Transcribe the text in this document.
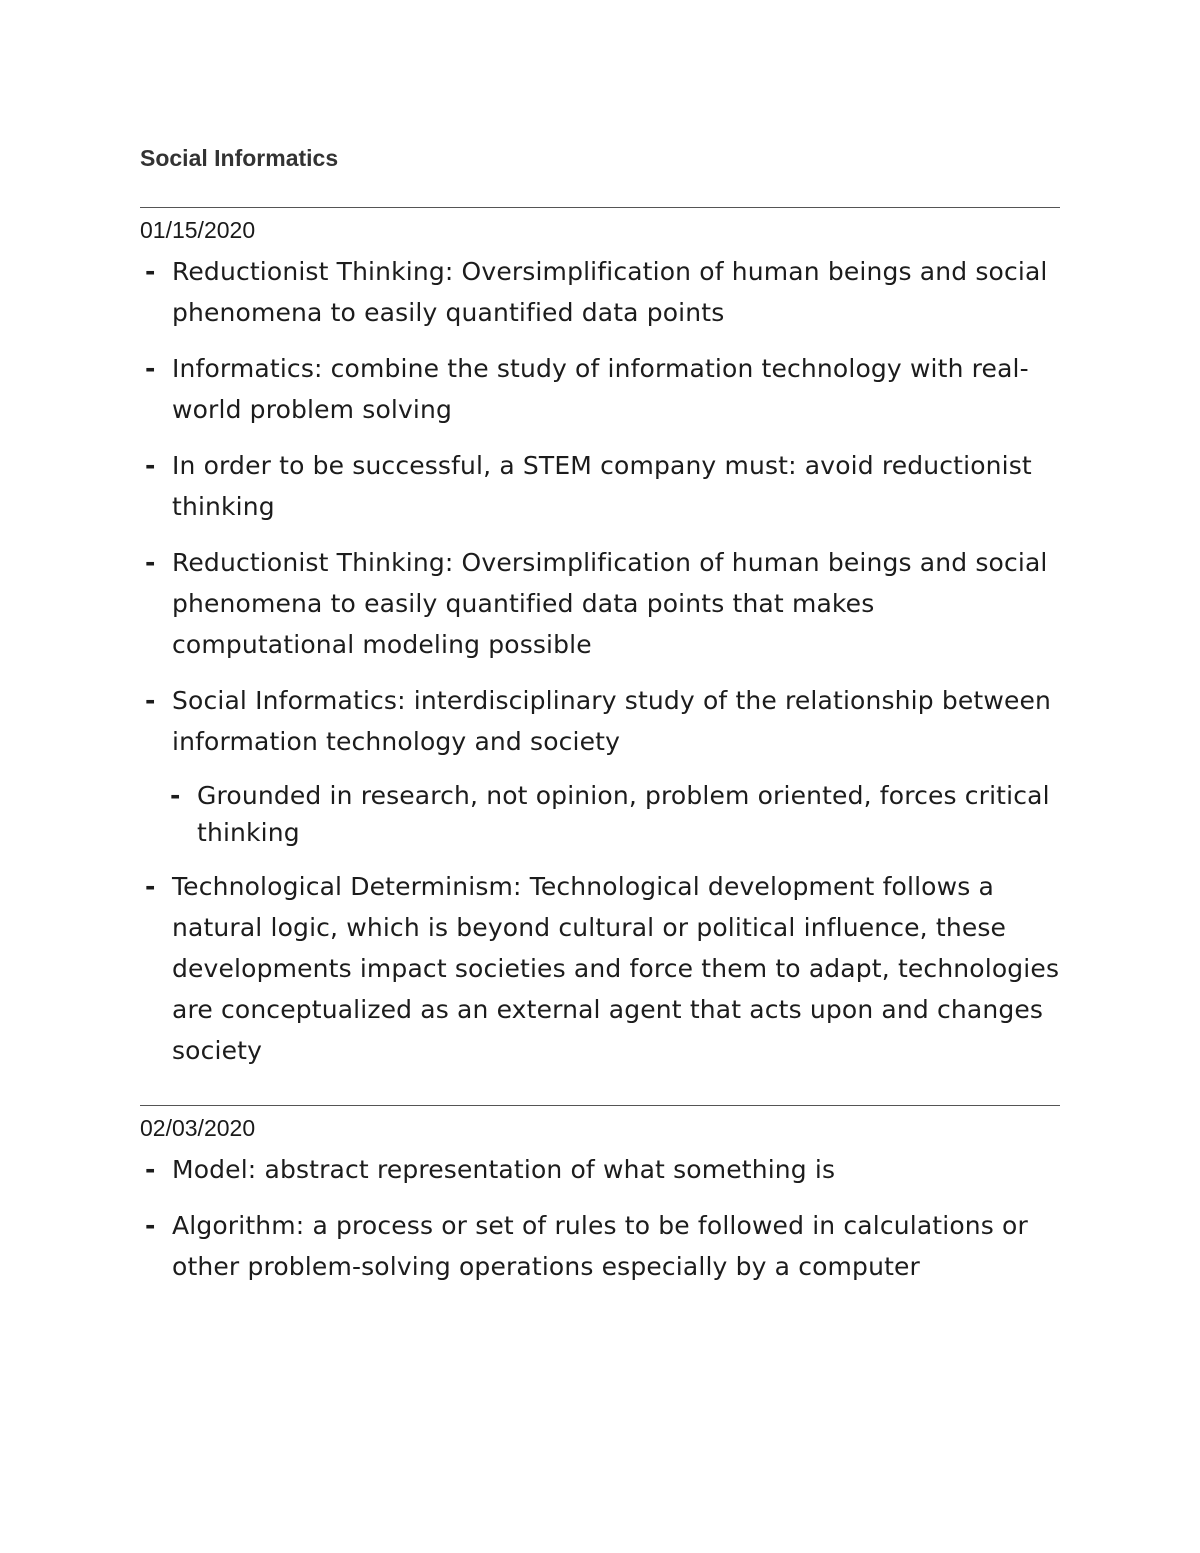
Social Informatics

01/15/2020

- Reductionist Thinking: Oversimplification of human beings and social phenomena to easily quantified data points
- Informatics: combine the study of information technology with real-world problem solving
- In order to be successful, a STEM company must: avoid reductionist thinking
- Reductionist Thinking: Oversimplification of human beings and social phenomena to easily quantified data points that makes computational modeling possible
- Social Informatics: interdisciplinary study of the relationship between information technology and society
- Grounded in research, not opinion, problem oriented, forces critical thinking
- Technological Determinism: Technological development follows a natural logic, which is beyond cultural or political influence, these developments impact societies and force them to adapt, technologies are conceptualized as an external agent that acts upon and changes society

02/03/2020

- Model: abstract representation of what something is
- Algorithm: a process or set of rules to be followed in calculations or other problem-solving operations especially by a computer
